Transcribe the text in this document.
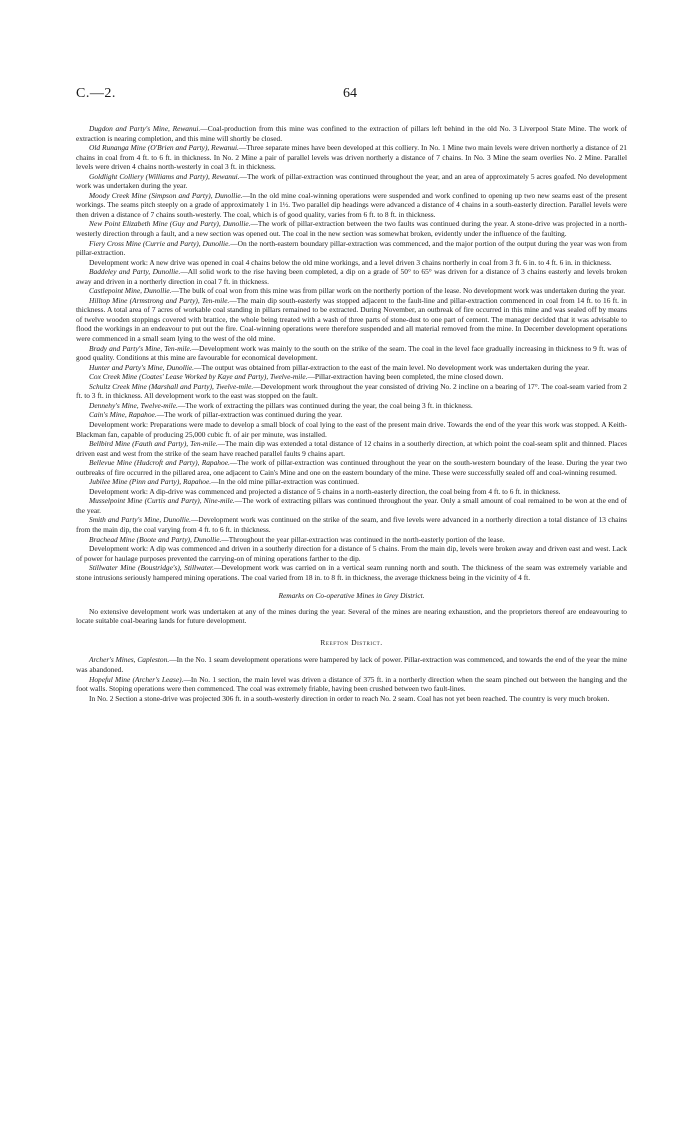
C.—2.	64

Dugdon and Party's Mine, Rewanui.—Coal-production from this mine was confined to the extraction of pillars left behind in the old No. 3 Liverpool State Mine. The work of extraction is nearing completion, and this mine will shortly be closed.

Old Runanga Mine (O'Brien and Party), Rewanui.—Three separate mines have been developed at this colliery. In No. 1 Mine two main levels were driven northerly a distance of 21 chains in coal from 4 ft. to 6 ft. in thickness. In No. 2 Mine a pair of parallel levels was driven northerly a distance of 7 chains. In No. 3 Mine the seam overlies No. 2 Mine. Parallel levels were driven 4 chains north-westerly in coal 3 ft. in thickness.

Goldlight Colliery (Williams and Party), Rewanui.—The work of pillar-extraction was continued throughout the year, and an area of approximately 5 acres goafed. No development work was undertaken during the year.

Moody Creek Mine (Simpson and Party), Dunollie.—In the old mine coal-winning operations were suspended and work confined to opening up two new seams east of the present workings. The seams pitch steeply on a grade of approximately 1 in 1½. Two parallel dip headings were advanced a distance of 4 chains in a south-easterly direction. Parallel levels were then driven a distance of 7 chains south-westerly. The coal, which is of good quality, varies from 6 ft. to 8 ft. in thickness.

New Point Elizabeth Mine (Guy and Party), Dunollie.—The work of pillar-extraction between the two faults was continued during the year. A stone-drive was projected in a north-westerly direction through a fault, and a new section was opened out. The coal in the new section was somewhat broken, evidently under the influence of the faulting.

Fiery Cross Mine (Currie and Party), Dunollie.—On the north-eastern boundary pillar-extraction was commenced, and the major portion of the output during the year was won from pillar-extraction.

Development work: A new drive was opened in coal 4 chains below the old mine workings, and a level driven 3 chains northerly in coal from 3 ft. 6 in. to 4 ft. 6 in. in thickness.

Baddeley and Party, Dunollie.—All solid work to the rise having been completed, a dip on a grade of 50° to 65° was driven for a distance of 3 chains easterly and levels broken away and driven in a northerly direction in coal 7 ft. in thickness.

Castlepoint Mine, Dunollie.—The bulk of coal won from this mine was from pillar work on the northerly portion of the lease. No development work was undertaken during the year.

Hilltop Mine (Armstrong and Party), Ten-mile.—The main dip south-easterly was stopped adjacent to the fault-line and pillar-extraction commenced in coal from 14 ft. to 16 ft. in thickness. A total area of 7 acres of workable coal standing in pillars remained to be extracted. During November, an outbreak of fire occurred in this mine and was sealed off by means of twelve wooden stoppings covered with brattice, the whole being treated with a wash of three parts of stone-dust to one part of cement. The manager decided that it was advisable to flood the workings in an endeavour to put out the fire. Coal-winning operations were therefore suspended and all material removed from the mine. In December development operations were commenced in a small seam lying to the west of the old mine.

Brady and Party's Mine, Ten-mile.—Development work was mainly to the south on the strike of the seam. The coal in the level face gradually increasing in thickness to 9 ft. was of good quality. Conditions at this mine are favourable for economical development.

Hunter and Party's Mine, Dunollie.—The output was obtained from pillar-extraction to the east of the main level. No development work was undertaken during the year.

Cox Creek Mine (Coates' Lease Worked by Kaye and Party), Twelve-mile.—Pillar-extraction having been completed, the mine closed down.

Schultz Creek Mine (Marshall and Party), Twelve-mile.—Development work throughout the year consisted of driving No. 2 incline on a bearing of 17°. The coal-seam varied from 2 ft. to 3 ft. in thickness. All development work to the east was stopped on the fault.

Dennehy's Mine, Twelve-mile.—The work of extracting the pillars was continued during the year, the coal being 3 ft. in thickness.

Cain's Mine, Rapahoe.—The work of pillar-extraction was continued during the year.

Development work: Preparations were made to develop a small block of coal lying to the east of the present main drive. Towards the end of the year this work was stopped. A Keith-Blackman fan, capable of producing 25,000 cubic ft. of air per minute, was installed.

Bellbird Mine (Fauth and Party), Ten-mile.—The main dip was extended a total distance of 12 chains in a southerly direction, at which point the coal-seam split and thinned. Places driven east and west from the strike of the seam have reached parallel faults 9 chains apart.

Bellevue Mine (Hudcroft and Party), Rapahoe.—The work of pillar-extraction was continued throughout the year on the south-western boundary of the lease. During the year two outbreaks of fire occurred in the pillared area, one adjacent to Cain's Mine and one on the eastern boundary of the mine. These were successfully sealed off and coal-winning resumed.

Jubilee Mine (Pinn and Party), Rapahoe.—In the old mine pillar-extraction was continued.

Development work: A dip-drive was commenced and projected a distance of 5 chains in a north-easterly direction, the coal being from 4 ft. to 6 ft. in thickness.

Musselpoint Mine (Curtis and Party), Nine-mile.—The work of extracting pillars was continued throughout the year. Only a small amount of coal remained to be won at the end of the year.

Smith and Party's Mine, Dunollie.—Development work was continued on the strike of the seam, and five levels were advanced in a northerly direction a total distance of 13 chains from the main dip, the coal varying from 4 ft. to 6 ft. in thickness.

Brachead Mine (Boote and Party), Dunollie.—Throughout the year pillar-extraction was continued in the north-easterly portion of the lease.

Development work: A dip was commenced and driven in a southerly direction for a distance of 5 chains. From the main dip, levels were broken away and driven east and west. Lack of power for haulage purposes prevented the carrying-on of mining operations farther to the dip.

Stillwater Mine (Boustridge's), Stillwater.—Development work was carried on in a vertical seam running north and south. The thickness of the seam was extremely variable and stone intrusions seriously hampered mining operations. The coal varied from 18 in. to 8 ft. in thickness, the average thickness being in the vicinity of 4 ft.

Remarks on Co-operative Mines in Grey District.

No extensive development work was undertaken at any of the mines during the year. Several of the mines are nearing exhaustion, and the proprietors thereof are endeavouring to locate suitable coal-bearing lands for future development.

Reefton District.

Archer's Mines, Capleston.—In the No. 1 seam development operations were hampered by lack of power. Pillar-extraction was commenced, and towards the end of the year the mine was abandoned.

Hopeful Mine (Archer's Lease).—In No. 1 section, the main level was driven a distance of 375 ft. in a northerly direction when the seam pinched out between the hanging and the foot walls. Stoping operations were then commenced. The coal was extremely friable, having been crushed between two fault-lines.

In No. 2 Section a stone-drive was projected 306 ft. in a south-westerly direction in order to reach No. 2 seam. Coal has not yet been reached. The country is very much broken.
